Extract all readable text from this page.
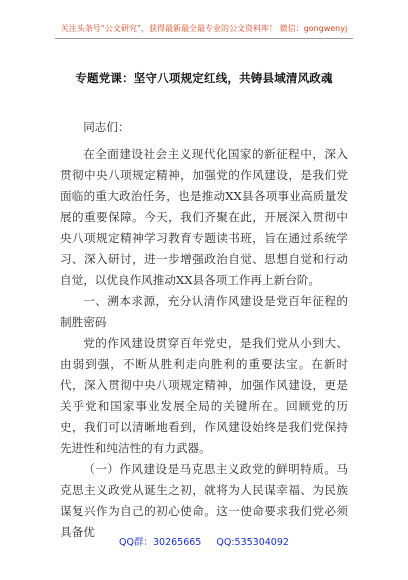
关注头条号“公文研究”，获得最新最全最专业的公文资料库！ 微信：gongwenyj
专题党课：坚守八项规定红线，共铸县域清风政魂

同志们：

在全面建设社会主义现代化国家的新征程中，深入贯彻中央八项规定精神，加强党的作风建设，是我们党面临的重大政治任务，也是推动XX县各项事业高质量发展的重要保障。今天，我们齐聚在此，开展深入贯彻中央八项规定精神学习教育专题读书班，旨在通过系统学习、深入研讨，进一步增强政治自觉、思想自觉和行动自觉，以优良作风推动XX县各项工作再上新台阶。

一、溯本求源，充分认清作风建设是党百年征程的制胜密码

党的作风建设贯穿百年党史，是我们党从小到大、由弱到强，不断从胜利走向胜利的重要法宝。在新时代，深入贯彻中央八项规定精神，加强作风建设，更是关乎党和国家事业发展全局的关键所在。回顾党的历史，我们可以清晰地看到，作风建设始终是我们党保持先进性和纯洁性的有力武器。

（一）作风建设是马克思主义政党的鲜明特质。马克思主义政党从诞生之初，就将为人民谋幸福、为民族谋复兴作为自己的初心使命。这一使命要求我们党必须具备优

QQ群：30265665 QQ:535304092
